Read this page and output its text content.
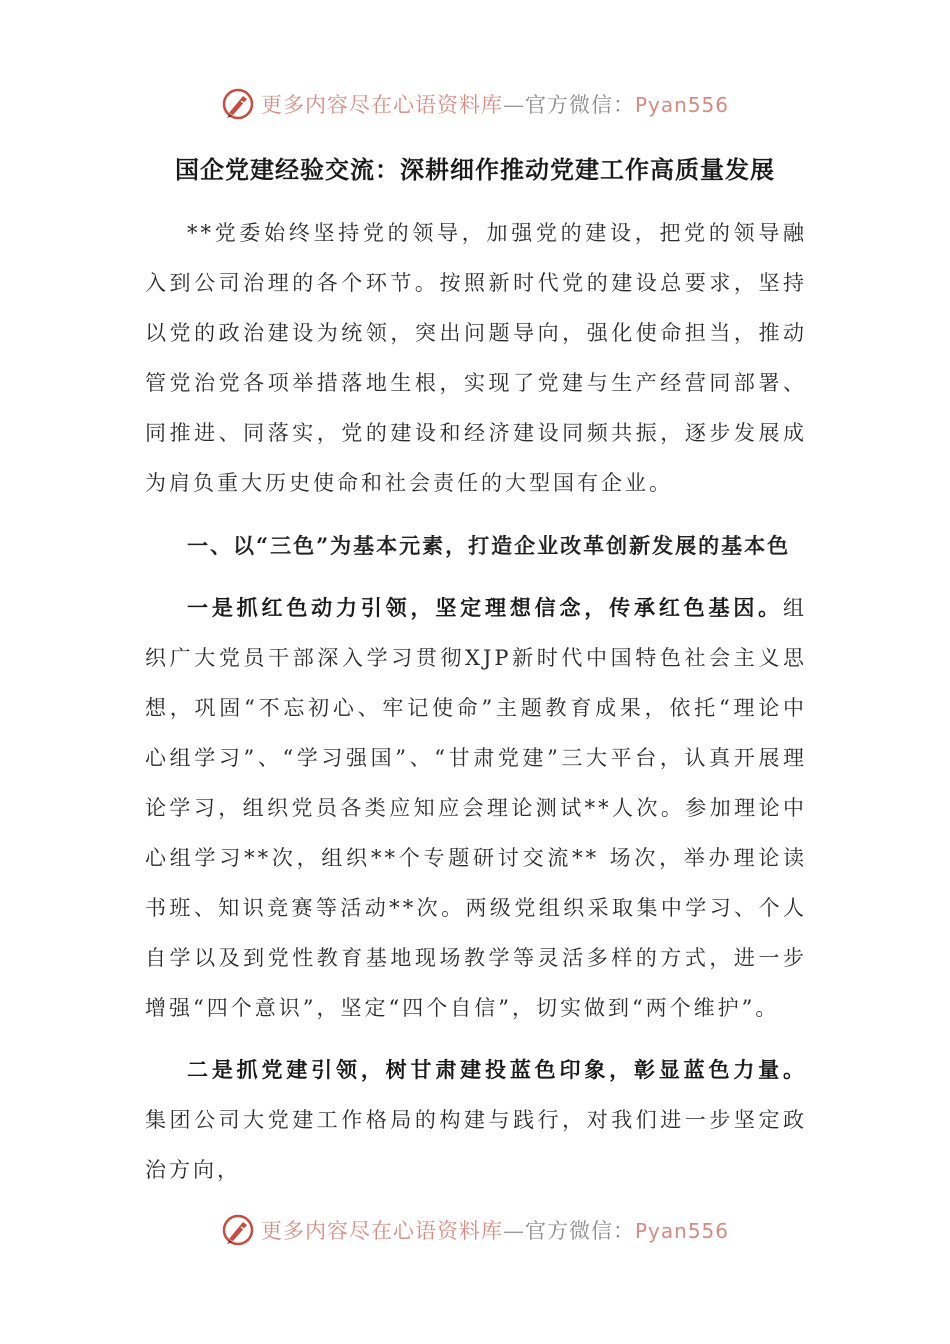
更多内容尽在心语资料库—官方微信：Pyan556
国企党建经验交流：深耕细作推动党建工作高质量发展

**党委始终坚持党的领导，加强党的建设，把党的领导融入到公司治理的各个环节。按照新时代党的建设总要求，坚持以党的政治建设为统领，突出问题导向，强化使命担当，推动管党治党各项举措落地生根，实现了党建与生产经营同部署、同推进、同落实，党的建设和经济建设同频共振，逐步发展成为肩负重大历史使命和社会责任的大型国有企业。

一、以“三色”为基本元素，打造企业改革创新发展的基本色

一是抓红色动力引领，坚定理想信念，传承红色基因。组织广大党员干部深入学习贯彻XJP新时代中国特色社会主义思想，巩固“不忘初心、牢记使命”主题教育成果，依托“理论中心组学习”、“学习强国”、“甘肃党建”三大平台，认真开展理论学习，组织党员各类应知应会理论测试**人次。参加理论中心组学习**次，组织**个专题研讨交流** 场次，举办理论读书班、知识竞赛等活动**次。两级党组织采取集中学习、个人自学以及到党性教育基地现场教学等灵活多样的方式，进一步增强“四个意识”，坚定“四个自信”，切实做到“两个维护”。

二是抓党建引领，树甘肃建投蓝色印象，彰显蓝色力量。集团公司大党建工作格局的构建与践行，对我们进一步坚定政治方向，

更多内容尽在心语资料库—官方微信：Pyan556
